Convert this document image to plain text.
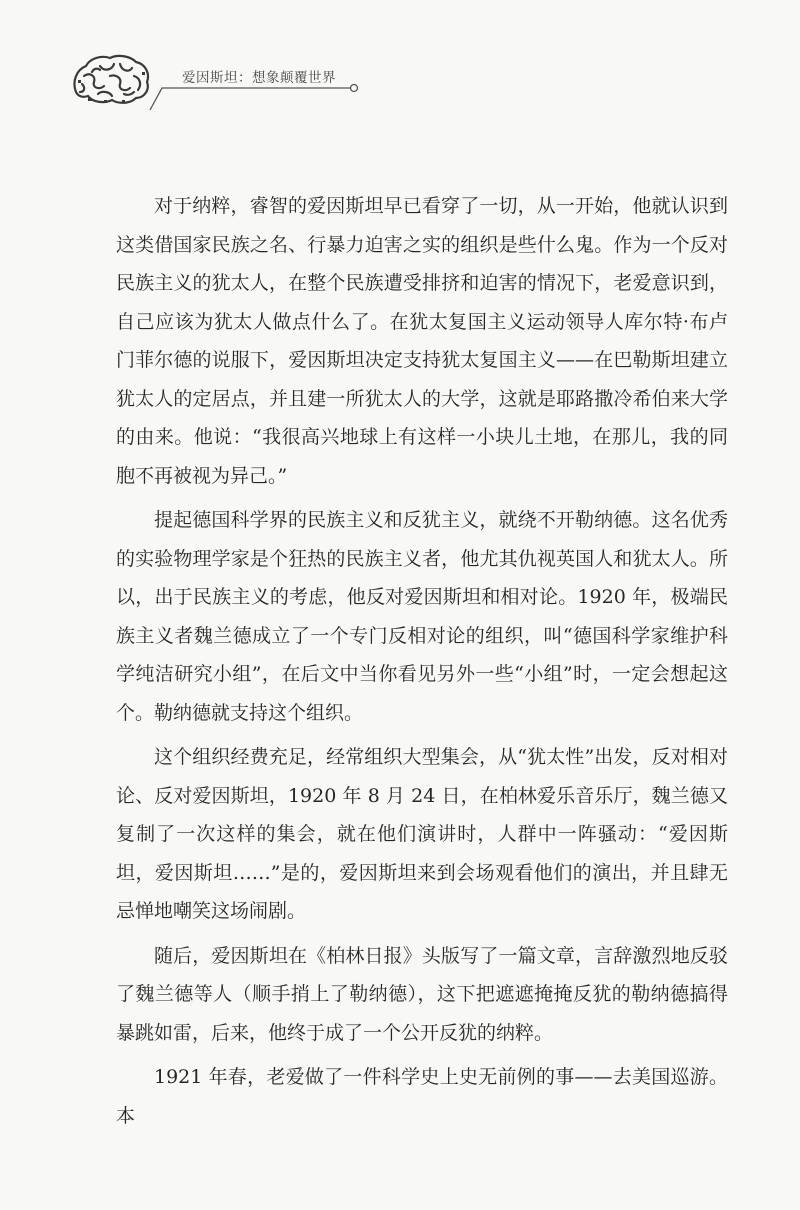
爱因斯坦：想象颠覆世界

对于纳粹，睿智的爱因斯坦早已看穿了一切，从一开始，他就认识到这类借国家民族之名、行暴力迫害之实的组织是些什么鬼。作为一个反对民族主义的犹太人，在整个民族遭受排挤和迫害的情况下，老爱意识到，自己应该为犹太人做点什么了。在犹太复国主义运动领导人库尔特·布卢门菲尔德的说服下，爱因斯坦决定支持犹太复国主义——在巴勒斯坦建立犹太人的定居点，并且建一所犹太人的大学，这就是耶路撒冷希伯来大学的由来。他说：“我很高兴地球上有这样一小块儿土地，在那儿，我的同胞不再被视为异己。”

提起德国科学界的民族主义和反犹主义，就绕不开勒纳德。这名优秀的实验物理学家是个狂热的民族主义者，他尤其仇视英国人和犹太人。所以，出于民族主义的考虑，他反对爱因斯坦和相对论。1920 年，极端民族主义者魏兰德成立了一个专门反相对论的组织，叫“德国科学家维护科学纯洁研究小组”，在后文中当你看见另外一些“小组”时，一定会想起这个。勒纳德就支持这个组织。

这个组织经费充足，经常组织大型集会，从“犹太性”出发，反对相对论、反对爱因斯坦，1920 年 8 月 24 日，在柏林爱乐音乐厅，魏兰德又复制了一次这样的集会，就在他们演讲时，人群中一阵骚动：“爱因斯坦，爱因斯坦……”是的，爱因斯坦来到会场观看他们的演出，并且肆无忌惮地嘲笑这场闹剧。

随后，爱因斯坦在《柏林日报》头版写了一篇文章，言辞激烈地反驳了魏兰德等人（顺手捎上了勒纳德），这下把遮遮掩掩反犹的勒纳德搞得暴跳如雷，后来，他终于成了一个公开反犹的纳粹。

1921 年春，老爱做了一件科学史上史无前例的事——去美国巡游。本
